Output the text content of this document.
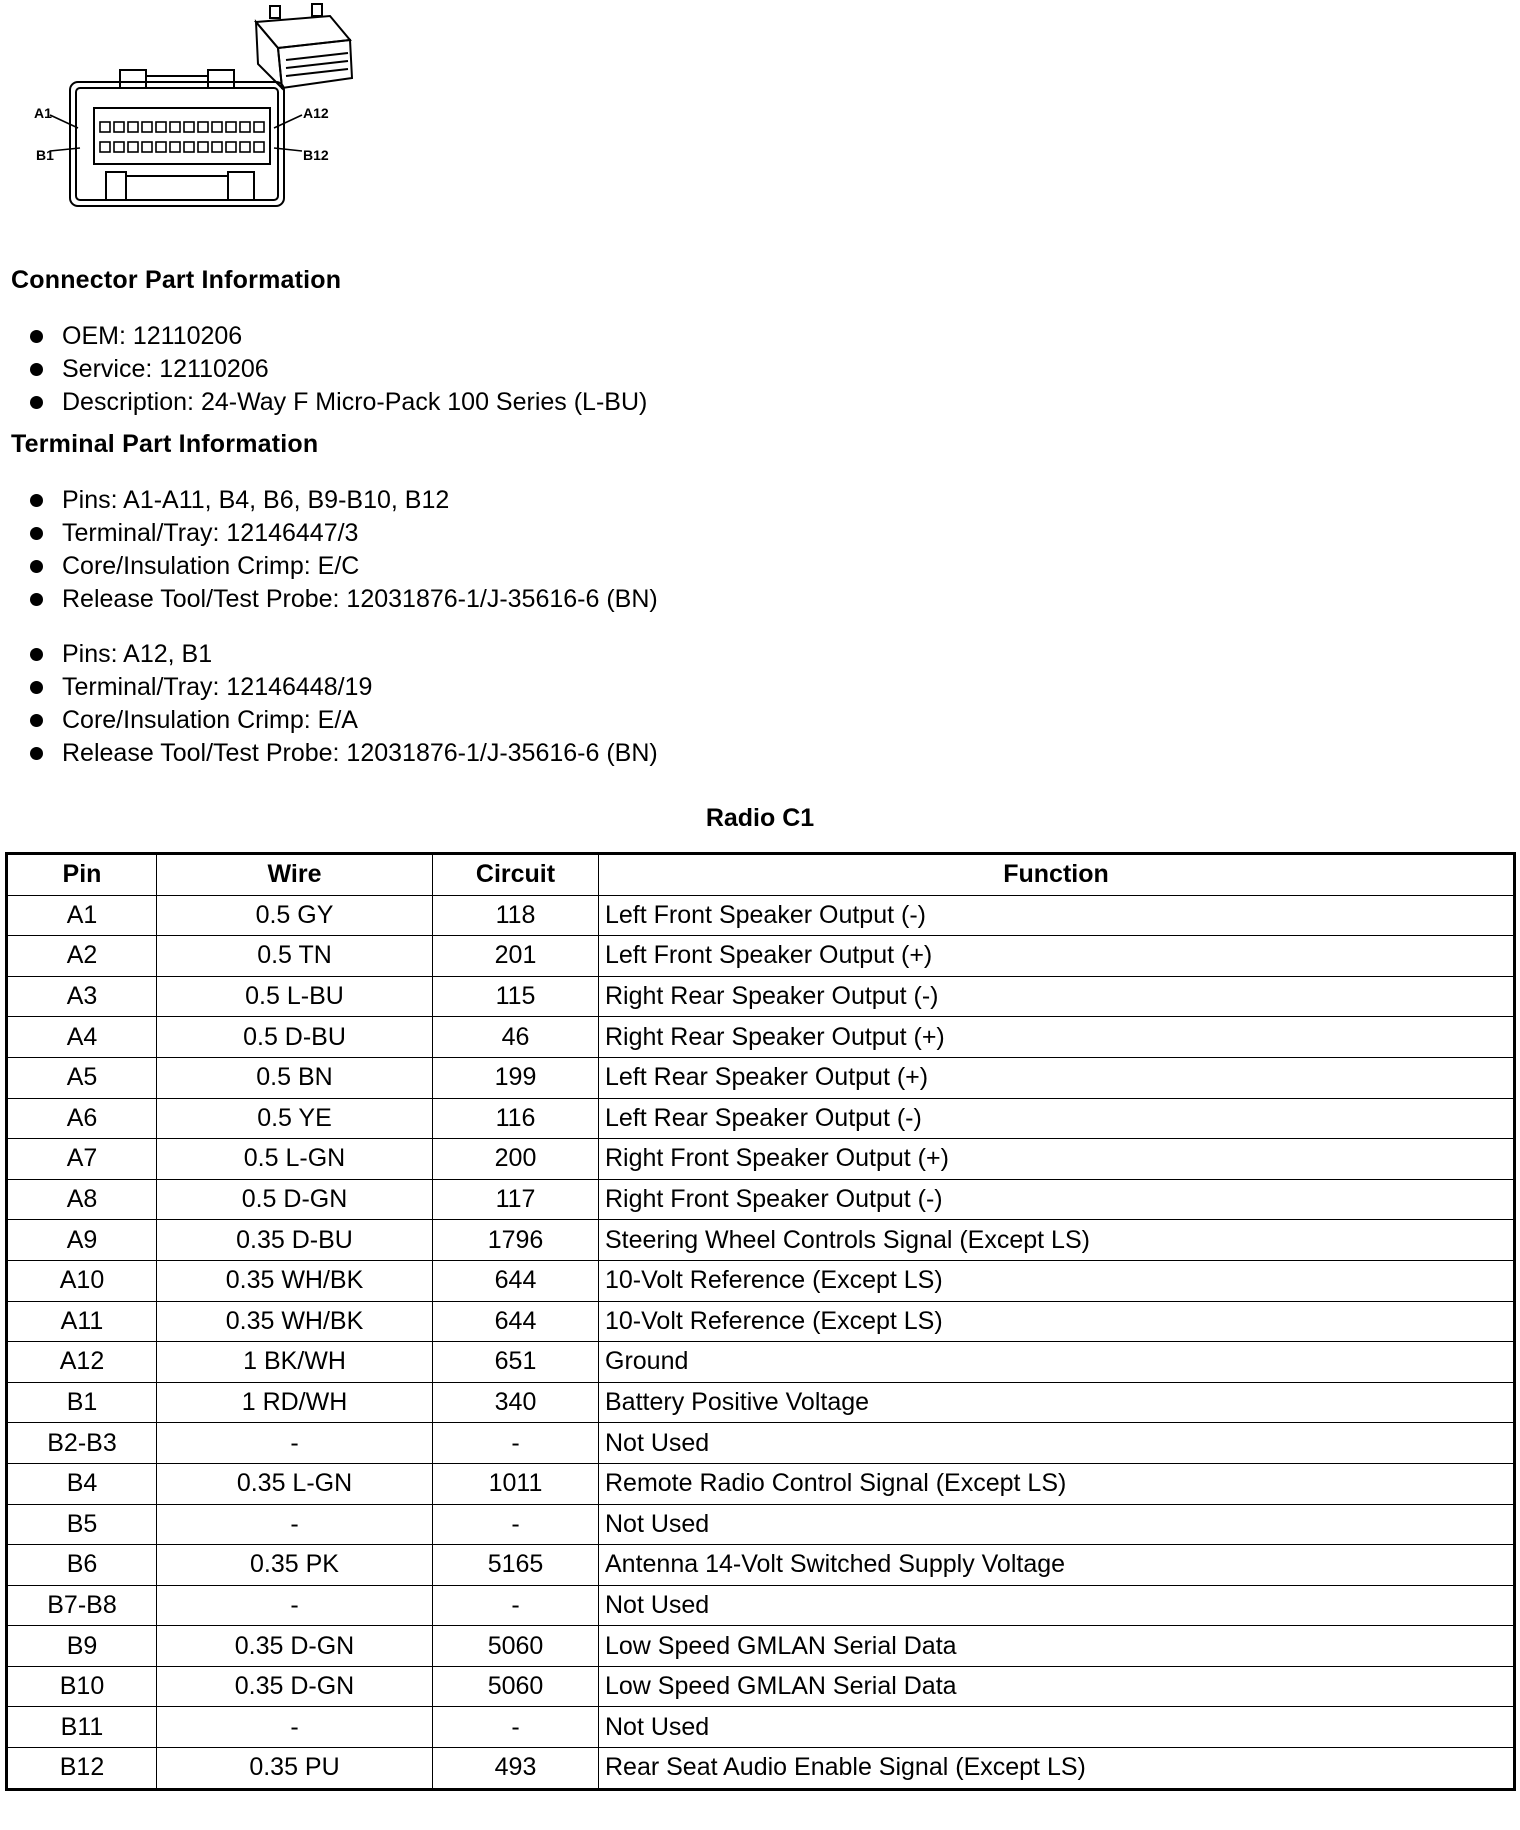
A1	A12
B1	B12
Connector Part Information
OEM: 12110206
Service: 12110206
Description: 24-Way F Micro-Pack 100 Series (L-BU)
Terminal Part Information
Pins: A1-A11, B4, B6, B9-B10, B12
Terminal/Tray: 12146447/3
Core/Insulation Crimp: E/C
Release Tool/Test Probe: 12031876-1/J-35616-6 (BN)
Pins: A12, B1
Terminal/Tray: 12146448/19
Core/Insulation Crimp: E/A
Release Tool/Test Probe: 12031876-1/J-35616-6 (BN)
Radio C1
Pin	Wire	Circuit	Function
A1	0.5 GY	118	Left Front Speaker Output (-)
A2	0.5 TN	201	Left Front Speaker Output (+)
A3	0.5 L-BU	115	Right Rear Speaker Output (-)
A4	0.5 D-BU	46	Right Rear Speaker Output (+)
A5	0.5 BN	199	Left Rear Speaker Output (+)
A6	0.5 YE	116	Left Rear Speaker Output (-)
A7	0.5 L-GN	200	Right Front Speaker Output (+)
A8	0.5 D-GN	117	Right Front Speaker Output (-)
A9	0.35 D-BU	1796	Steering Wheel Controls Signal (Except LS)
A10	0.35 WH/BK	644	10-Volt Reference (Except LS)
A11	0.35 WH/BK	644	10-Volt Reference (Except LS)
A12	1 BK/WH	651	Ground
B1	1 RD/WH	340	Battery Positive Voltage
B2-B3	-	-	Not Used
B4	0.35 L-GN	1011	Remote Radio Control Signal (Except LS)
B5	-	-	Not Used
B6	0.35 PK	5165	Antenna 14-Volt Switched Supply Voltage
B7-B8	-	-	Not Used
B9	0.35 D-GN	5060	Low Speed GMLAN Serial Data
B10	0.35 D-GN	5060	Low Speed GMLAN Serial Data
B11	-	-	Not Used
B12	0.35 PU	493	Rear Seat Audio Enable Signal (Except LS)
